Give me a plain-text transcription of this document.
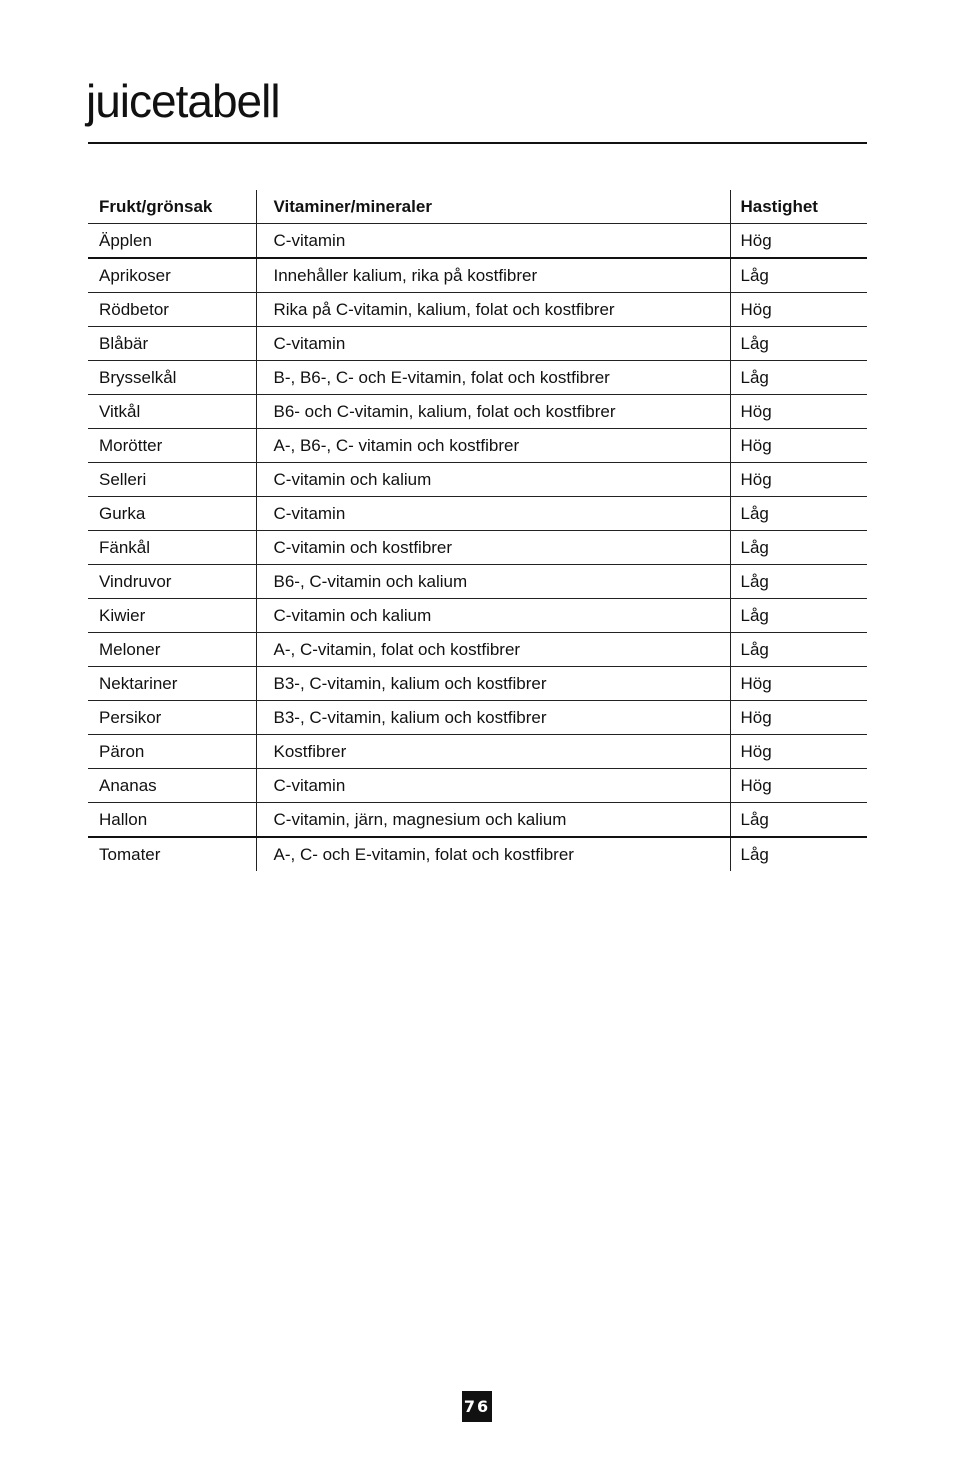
juicetabell
Frukt/grönsak	Vitaminer/mineraler	Hastighet
Äpplen	C-vitamin	Hög
Aprikoser	Innehåller kalium, rika på kostfibrer	Låg
Rödbetor	Rika på C-vitamin, kalium, folat och kostfibrer	Hög
Blåbär	C-vitamin	Låg
Brysselkål	B-, B6-, C- och E-vitamin, folat och kostfibrer	Låg
Vitkål	B6- och C-vitamin, kalium, folat och kostfibrer	Hög
Morötter	A-, B6-, C- vitamin och kostfibrer	Hög
Selleri	C-vitamin och kalium	Hög
Gurka	C-vitamin	Låg
Fänkål	C-vitamin och kostfibrer	Låg
Vindruvor	B6-, C-vitamin och kalium	Låg
Kiwier	C-vitamin och kalium	Låg
Meloner	A-, C-vitamin, folat och kostfibrer	Låg
Nektariner	B3-, C-vitamin, kalium och kostfibrer	Hög
Persikor	B3-, C-vitamin, kalium och kostfibrer	Hög
Päron	Kostfibrer	Hög
Ananas	C-vitamin	Hög
Hallon	C-vitamin, järn, magnesium och kalium	Låg
Tomater	A-, C- och E-vitamin, folat och kostfibrer	Låg
76
